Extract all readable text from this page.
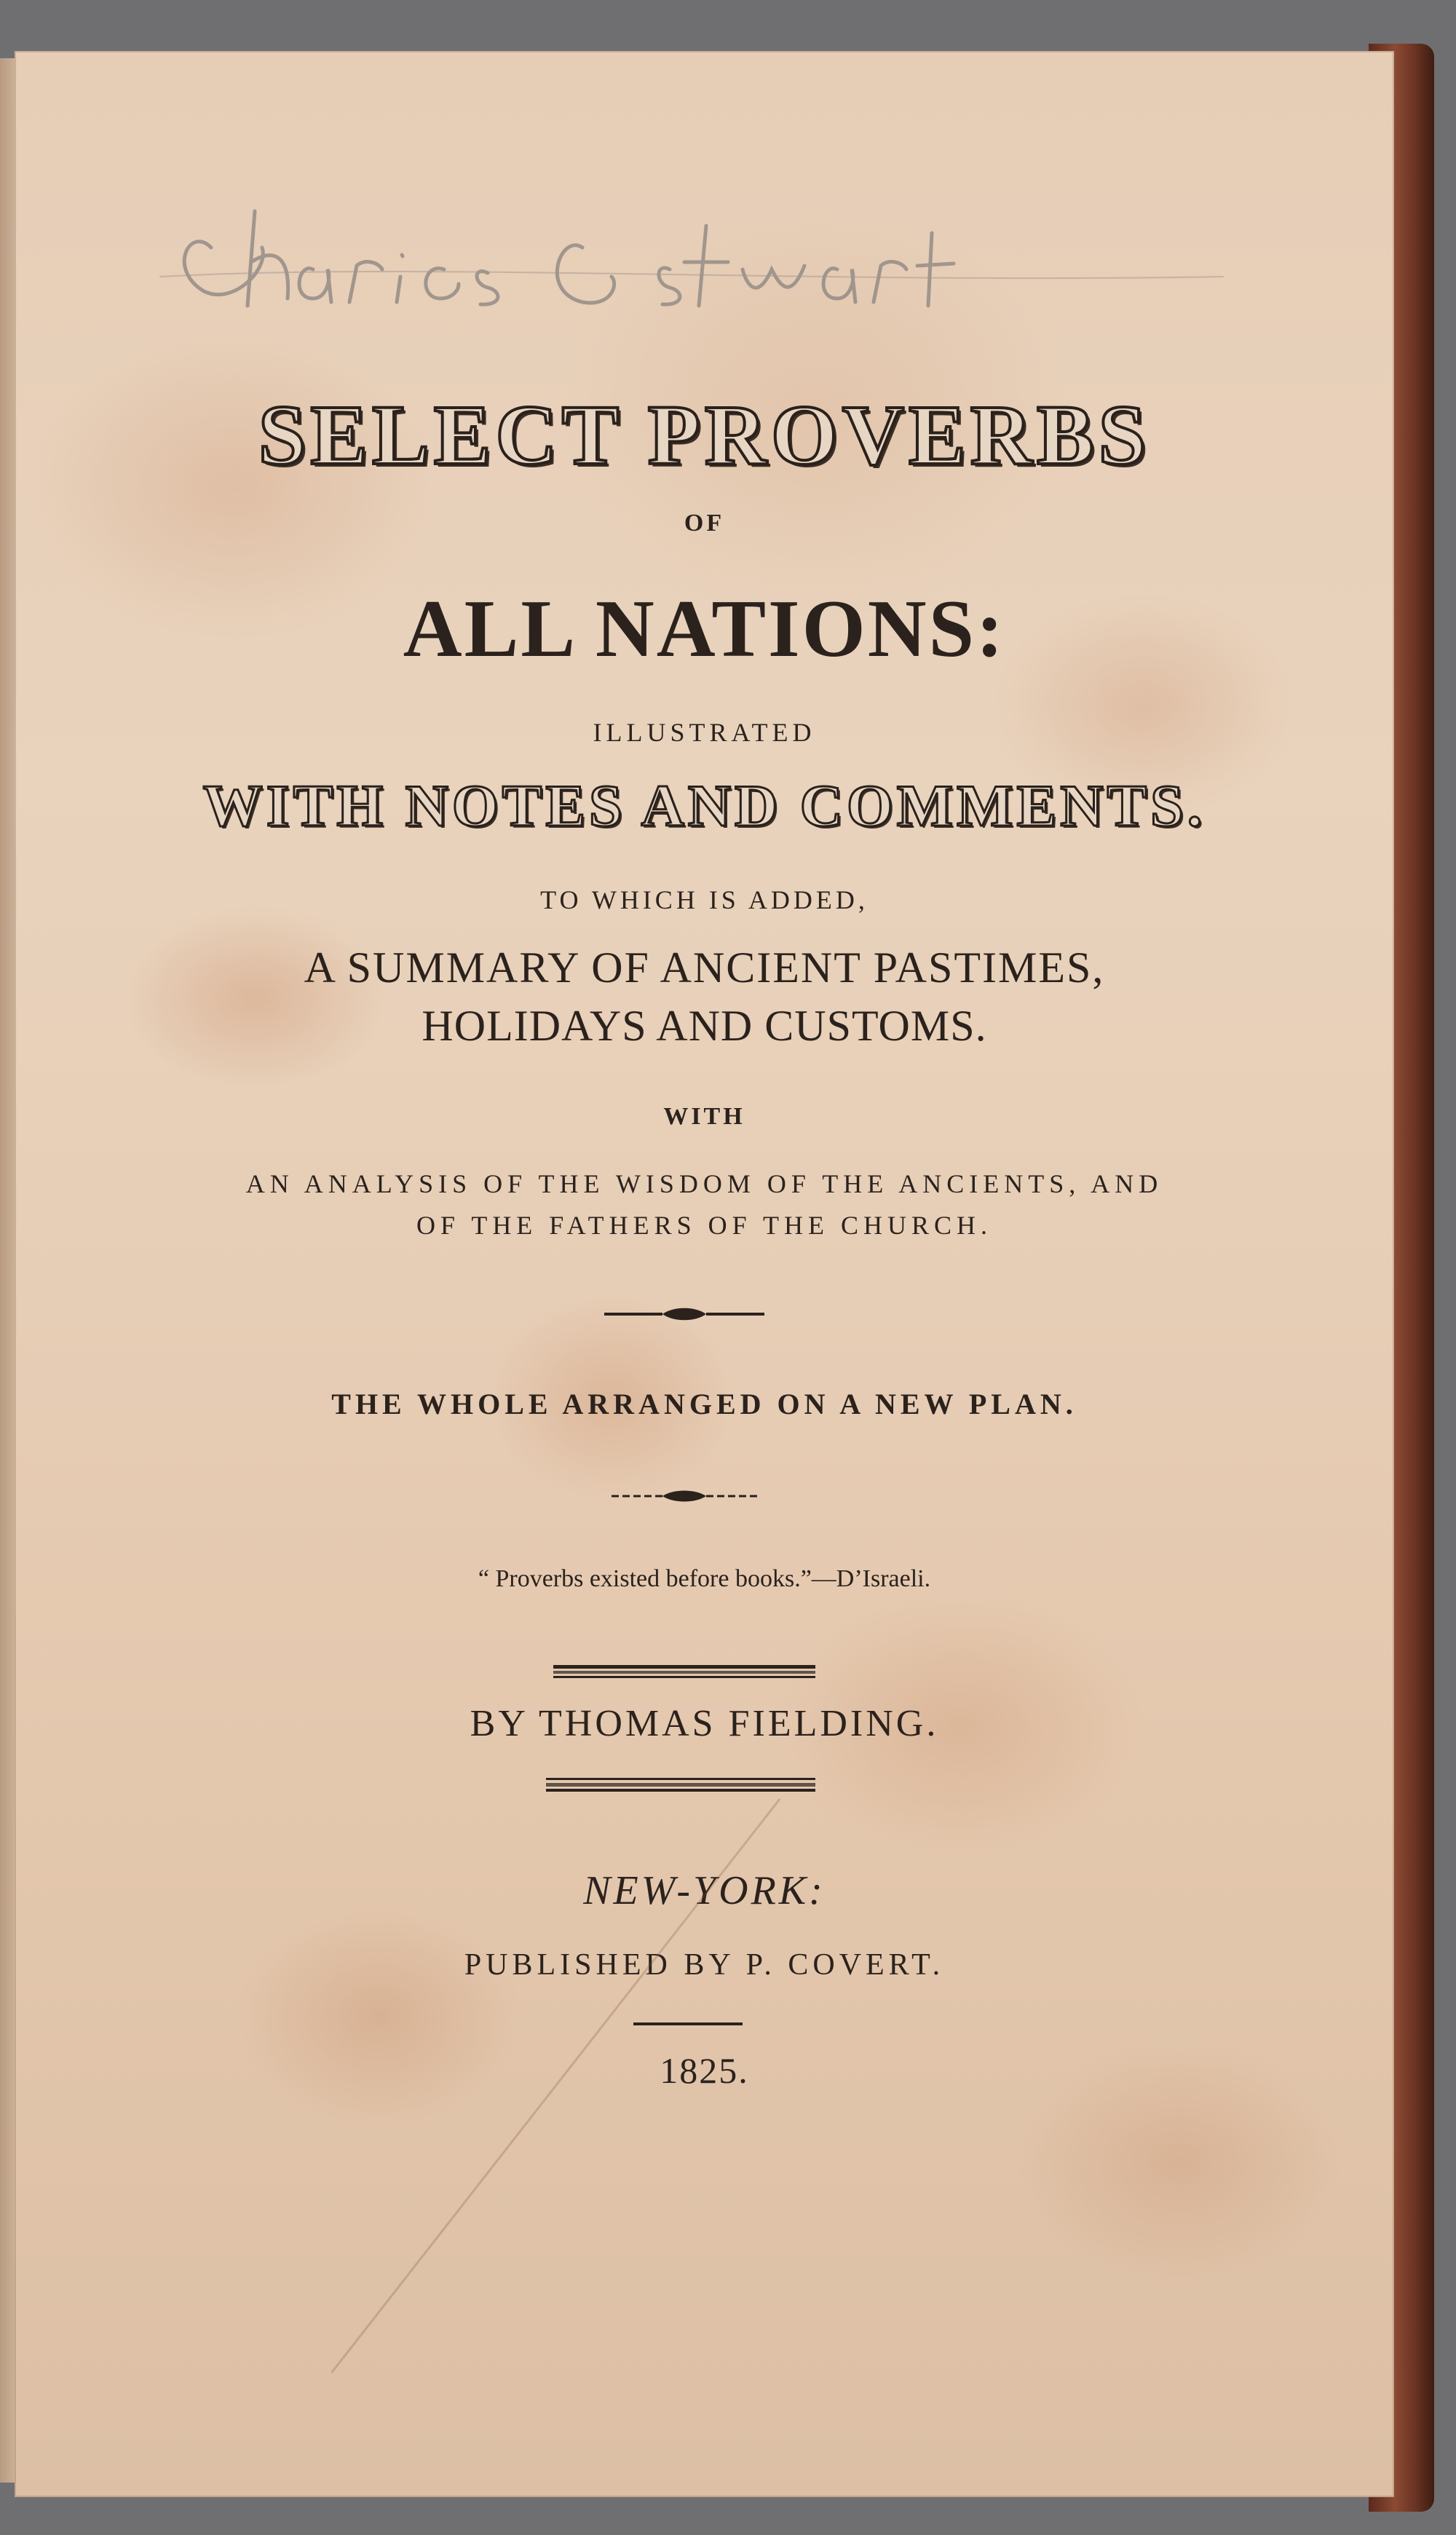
SELECT PROVERBS
OF
ALL NATIONS:
ILLUSTRATED
WITH NOTES AND COMMENTS.
TO WHICH IS ADDED,
A SUMMARY OF ANCIENT PASTIMES,
HOLIDAYS AND CUSTOMS.
WITH
AN ANALYSIS OF THE WISDOM OF THE ANCIENTS, AND
OF THE FATHERS OF THE CHURCH.
THE WHOLE ARRANGED ON A NEW PLAN.
“ Proverbs existed before books.”—D’Israeli.
BY THOMAS FIELDING.
NEW-YORK:
PUBLISHED BY P. COVERT.
1825.
